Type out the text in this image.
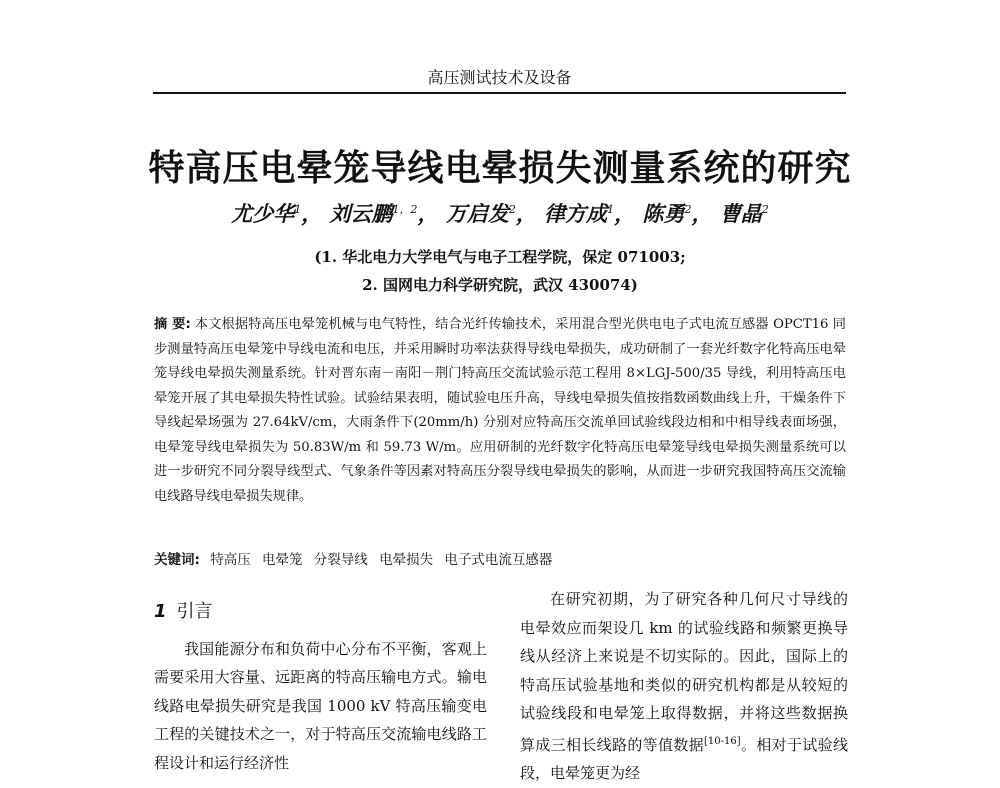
高压测试技术及设备
特高压电晕笼导线电晕损失测量系统的研究
尤少华$^1$， 刘云鹏$^{1,2}$， 万启发$^2$， 律方成$^1$， 陈勇$^2$， 曹晶$^2$
(1. 华北电力大学电气与电子工程学院，保定 071003;
2. 国网电力科学研究院，武汉 430074)
摘 要: 本文根据特高压电晕笼机械与电气特性，结合光纤传输技术，采用混合型光供电电子式电流互感器 OPCT16 同步测量特高压电晕笼中导线电流和电压，并采用瞬时功率法获得导线电晕损失，成功研制了一套光纤数字化特高压电晕笼导线电晕损失测量系统。针对晋东南－南阳－荆门特高压交流试验示范工程用 8×LGJ-500/35 导线，利用特高压电晕笼开展了其电晕损失特性试验。试验结果表明，随试验电压升高，导线电晕损失值按指数函数曲线上升，干燥条件下导线起晕场强为 27.64kV/cm，大雨条件下(20mm/h) 分别对应特高压交流单回试验线段边相和中相导线表面场强，电晕笼导线电晕损失为 50.83W/m 和 59.73 W/m。应用研制的光纤数字化特高压电晕笼导线电晕损失测量系统可以进一步研究不同分裂导线型式、气象条件等因素对特高压分裂导线电晕损失的影响，从而进一步研究我国特高压交流输电线路导线电晕损失规律。
关键词: 特高压 电晕笼 分裂导线 电晕损失 电子式电流互感器
1 引言
我国能源分布和负荷中心分布不平衡，客观上需要采用大容量、远距离的特高压输电方式。输电线路电晕损失研究是我国 1000 kV 特高压输变电工程的关键技术之一，对于特高压交流输电线路工程设计和运行经济性
在研究初期，为了研究各种几何尺寸导线的电晕效应而架设几 km 的试验线路和频繁更换导线从经济上来说是不切实际的。因此，国际上的特高压试验基地和类似的研究机构都是从较短的试验线段和电晕笼上取得数据，并将这些数据换算成三相长线路的等值数据[10-16]。相对于试验线段，电晕笼更为经
